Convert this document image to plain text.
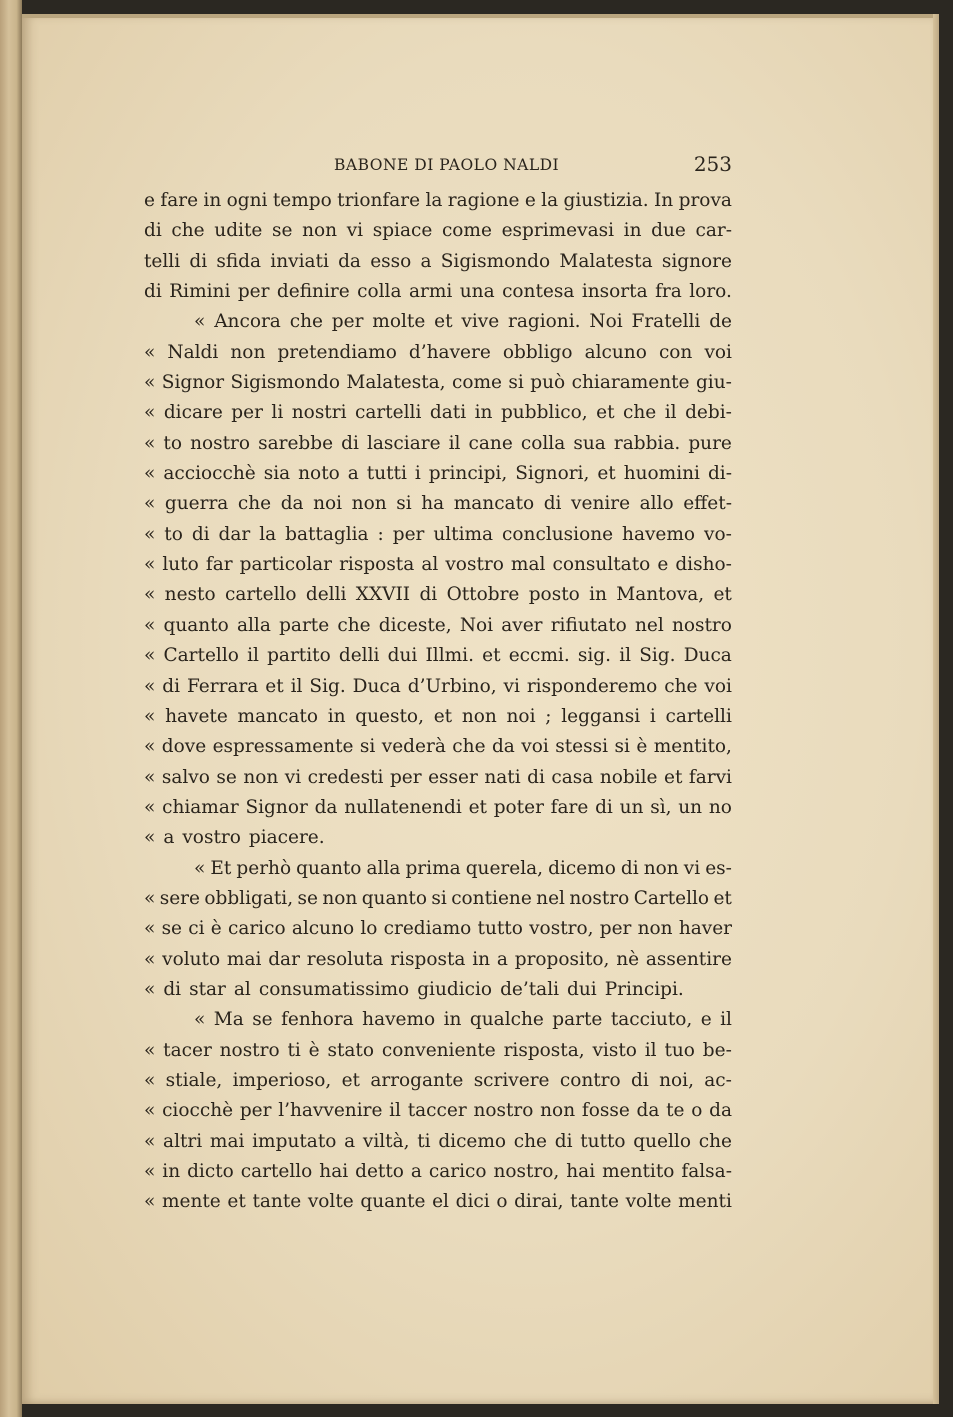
BABONE DI PAOLO NALDI	253
e fare in ogni tempo trionfare la ragione e la giustizia. In prova
di che udite se non vi spiace come esprimevasi in due car-
telli di sfida inviati da esso a Sigismondo Malatesta signore
di Rimini per definire colla armi una contesa insorta fra loro.
« Ancora che per molte et vive ragioni. Noi Fratelli de
« Naldi non pretendiamo d’havere obbligo alcuno con voi
« Signor Sigismondo Malatesta, come si può chiaramente giu-
« dicare per li nostri cartelli dati in pubblico, et che il debi-
« to nostro sarebbe di lasciare il cane colla sua rabbia. pure
« acciocchè sia noto a tutti i principi, Signori, et huomini di-
« guerra che da noi non si ha mancato di venire allo effet-
« to di dar la battaglia : per ultima conclusione havemo vo-
« luto far particolar risposta al vostro mal consultato e disho-
« nesto cartello delli XXVII di Ottobre posto in Mantova, et
« quanto alla parte che diceste, Noi aver rifiutato nel nostro
« Cartello il partito delli dui Illmi. et eccmi. sig. il Sig. Duca
« di Ferrara et il Sig. Duca d’Urbino, vi risponderemo che voi
« havete mancato in questo, et non noi ; leggansi i cartelli
« dove espressamente si vederà che da voi stessi si è mentito,
« salvo se non vi credesti per esser nati di casa nobile et farvi
« chiamar Signor da nullatenendi et poter fare di un sì, un no
« a vostro piacere.
« Et perhò quanto alla prima querela, dicemo di non vi es-
« sere obbligati, se non quanto si contiene nel nostro Cartello et
« se ci è carico alcuno lo crediamo tutto vostro, per non haver
« voluto mai dar resoluta risposta in a proposito, nè assentire
« di star al consumatissimo giudicio de’tali dui Principi.
« Ma se fenhora havemo in qualche parte tacciuto, e il
« tacer nostro ti è stato conveniente risposta, visto il tuo be-
« stiale, imperioso, et arrogante scrivere contro di noi, ac-
« ciocchè per l’havvenire il taccer nostro non fosse da te o da
« altri mai imputato a viltà, ti dicemo che di tutto quello che
« in dicto cartello hai detto a carico nostro, hai mentito falsa-
« mente et tante volte quante el dici o dirai, tante volte menti
